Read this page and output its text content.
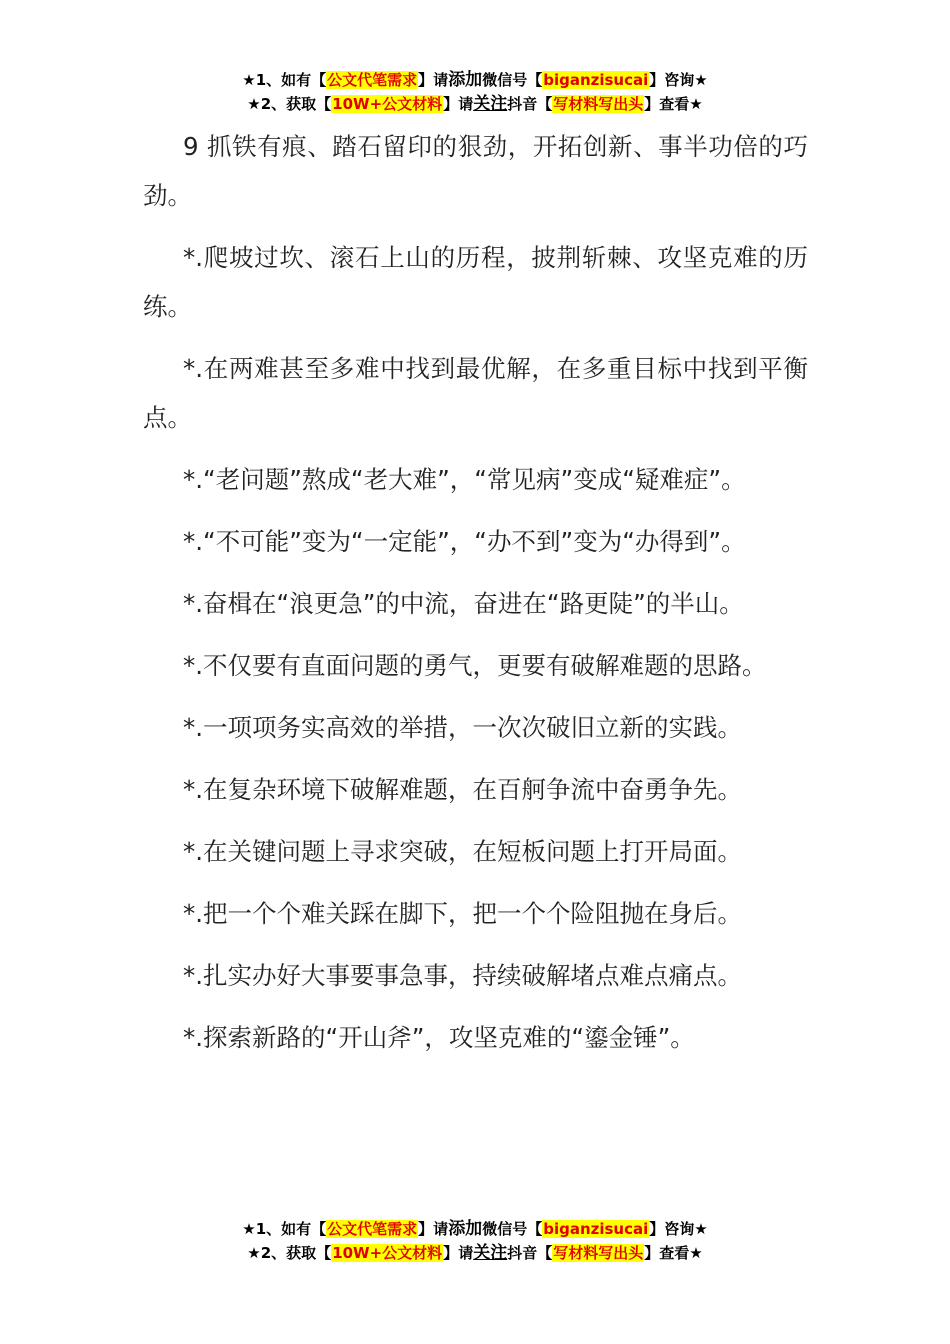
★1、如有【公文代笔需求】请添加微信号【biganzisucai】咨询★
★2、获取【10W+公文材料】请关注抖音【写材料写出头】查看★

9 抓铁有痕、踏石留印的狠劲，开拓创新、事半功倍的巧劲。

*.爬坡过坎、滚石上山的历程，披荆斩棘、攻坚克难的历练。

*.在两难甚至多难中找到最优解，在多重目标中找到平衡点。

*.“老问题”熬成“老大难”，“常见病”变成“疑难症”。

*.“不可能”变为“一定能”，“办不到”变为“办得到”。

*.奋楫在“浪更急”的中流，奋进在“路更陡”的半山。

*.不仅要有直面问题的勇气，更要有破解难题的思路。

*.一项项务实高效的举措，一次次破旧立新的实践。

*.在复杂环境下破解难题，在百舸争流中奋勇争先。

*.在关键问题上寻求突破，在短板问题上打开局面。

*.把一个个难关踩在脚下，把一个个险阻抛在身后。

*.扎实办好大事要事急事，持续破解堵点难点痛点。

*.探索新路的“开山斧”，攻坚克难的“鎏金锤”。

★1、如有【公文代笔需求】请添加微信号【biganzisucai】咨询★
★2、获取【10W+公文材料】请关注抖音【写材料写出头】查看★
